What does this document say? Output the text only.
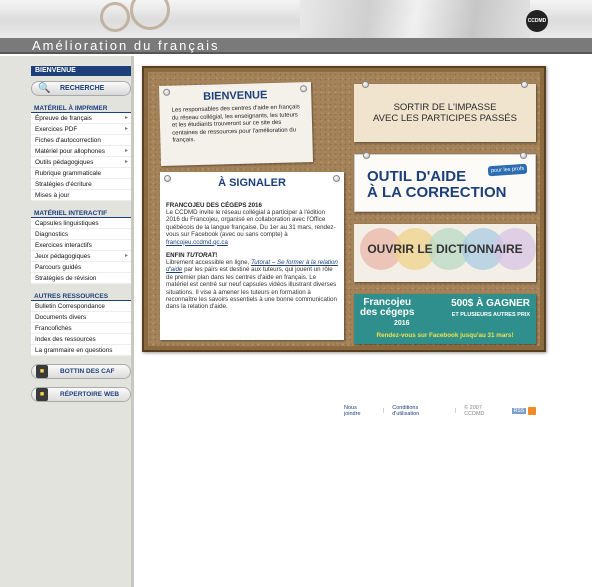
CCDMD
Amélioration du français
BIENVENUE
🔍 RECHERCHE
MATÉRIEL À IMPRIMER
Épreuve de français	▸
Exercices PDF	▸
Fiches d'autocorrection
Matériel pour allophones	▸
Outils pédagogiques	▸
Rubrique grammaticale
Stratégies d'écriture
Mises à jour
MATÉRIEL INTERACTIF
Capsules linguistiques
Diagnostics
Exercices interactifs
Jeux pédagogiques	▸
Parcours guidés
Stratégies de révision
AUTRES RESSOURCES
Bulletin Correspondance
Documents divers
Francofiches
Index des ressources
La grammaire en questions
■	BOTTIN DES CAF
■	RÉPERTOIRE WEB
BIENVENUE

Les responsables des centres d'aide en français du réseau collégial, les enseignants, les tuteurs et les étudiants trouveront sur ce site des centaines de ressources pour l'amélioration du français.

À SIGNALER
FRANCOJEU DES CÉGEPS 2016

Le CCDMD invite le réseau collégial à participer à l'édition 2016 du Francojeu, organisé en collaboration avec l'Office québécois de la langue française. Du 1er au 31 mars, rendez-vous sur Facebook (avec ou sans compte) à francojeu.ccdmd.qc.ca

ENFIN TUTORAT!

Librement accessible en ligne, Tutorat – Se former à la relation d'aide par les pairs est destiné aux tuteurs, qui jouent un rôle de premier plan dans les centres d'aide en français. Le matériel est centré sur neuf capsules vidéos illustrant diverses situations. Il vise à amener les tuteurs en formation à reconnaître les savoirs essentiels à une bonne communication dans la relation d'aide.

SORTIR DE L'IMPASSE
AVEC LES PARTICIPES PASSÉS
OUTIL D'AIDE
À LA CORRECTION
pour les profs
OUVRIR LE DICTIONNAIRE
Francojeu
des cégeps
2016
500$ À GAGNER
ET PLUSIEURS AUTRES PRIX
Rendez-vous sur Facebook jusqu'au 31 mars!
Nous joindre	| Conditions d'utilisation	| © 2007 CCDMD	RSS
